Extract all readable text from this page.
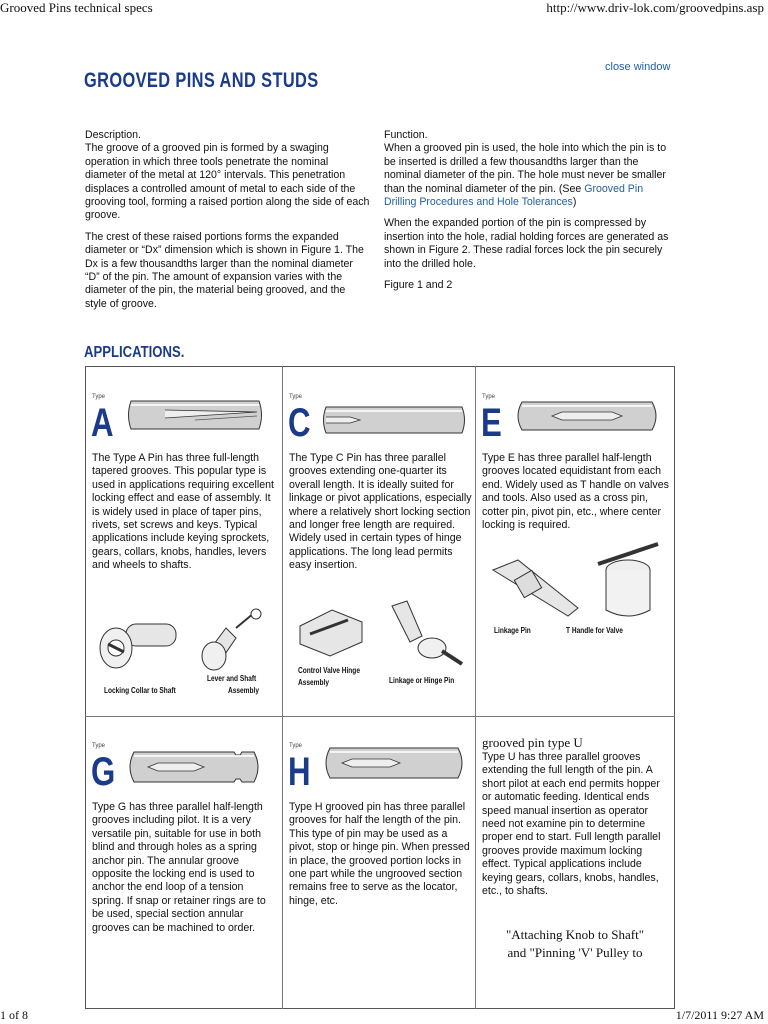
Grooved Pins technical specs	http://www.driv-lok.com/groovedpins.asp
1 of 8	1/7/2011 9:27 AM
close window
GROOVED PINS AND STUDS
Description.

The groove of a grooved pin is formed by a swaging operation in which three tools penetrate the nominal diameter of the metal at 120° intervals. This penetration displaces a controlled amount of metal to each side of the grooving tool, forming a raised portion along the side of each groove.

The crest of these raised portions forms the expanded diameter or “Dx” dimension which is shown in Figure 1. The Dx is a few thousandths larger than the nominal diameter “D” of the pin. The amount of expansion varies with the diameter of the pin, the material being grooved, and the style of groove.

Function.

When a grooved pin is used, the hole into which the pin is to be inserted is drilled a few thousandths larger than the nominal diameter of the pin. The hole must never be smaller than the nominal diameter of the pin. (See Grooved Pin Drilling Procedures and Hole Tolerances)

When the expanded portion of the pin is compressed by insertion into the hole, radial holding forces are generated as shown in Figure 2. These radial forces lock the pin securely into the drilled hole.

Figure 1 and 2

APPLICATIONS.
Type
A
The Type A Pin has three full-length tapered grooves. This popular type is used in applications requiring excellent locking effect and ease of assembly. It is widely used in place of taper pins, rivets, set screws and keys. Typical applications include keying sprockets, gears, collars, knobs, handles, levers and wheels to shafts.
Locking Collar to Shaft
Lever and Shaft
Assembly
Type
C
The Type C Pin has three parallel grooves extending one-quarter its overall length. It is ideally suited for linkage or pivot applications, especially where a relatively short locking section and longer free length are required. Widely used in certain types of hinge applications. The long lead permits easy insertion.
Control Valve Hinge
Assembly	Linkage or Hinge Pin
Type
E
Type E has three parallel half-length grooves located equidistant from each end. Widely used as T handle on valves and tools. Also used as a cross pin, cotter pin, pivot pin, etc., where center locking is required.
Linkage Pin	T Handle for Valve
Type
G
Type G has three parallel half-length grooves including pilot. It is a very versatile pin, suitable for use in both blind and through holes as a spring anchor pin. The annular groove opposite the locking end is used to anchor the end loop of a tension spring. If snap or retainer rings are to be used, special section annular grooves can be machined to order.
Type
H
Type H grooved pin has three parallel grooves for half the length of the pin. This type of pin may be used as a pivot, stop or hinge pin. When pressed in place, the grooved portion locks in one part while the ungrooved section remains free to serve as the locator, hinge, etc.
grooved pin type U
Type U has three parallel grooves extending the full length of the pin. A short pilot at each end permits hopper or automatic feeding. Identical ends speed manual insertion as operator need not examine pin to determine proper end to start. Full length parallel grooves provide maximum locking effect. Typical applications include keying gears, collars, knobs, handles, etc., to shafts.
"Attaching Knob to Shaft"
and "Pinning 'V' Pulley to
